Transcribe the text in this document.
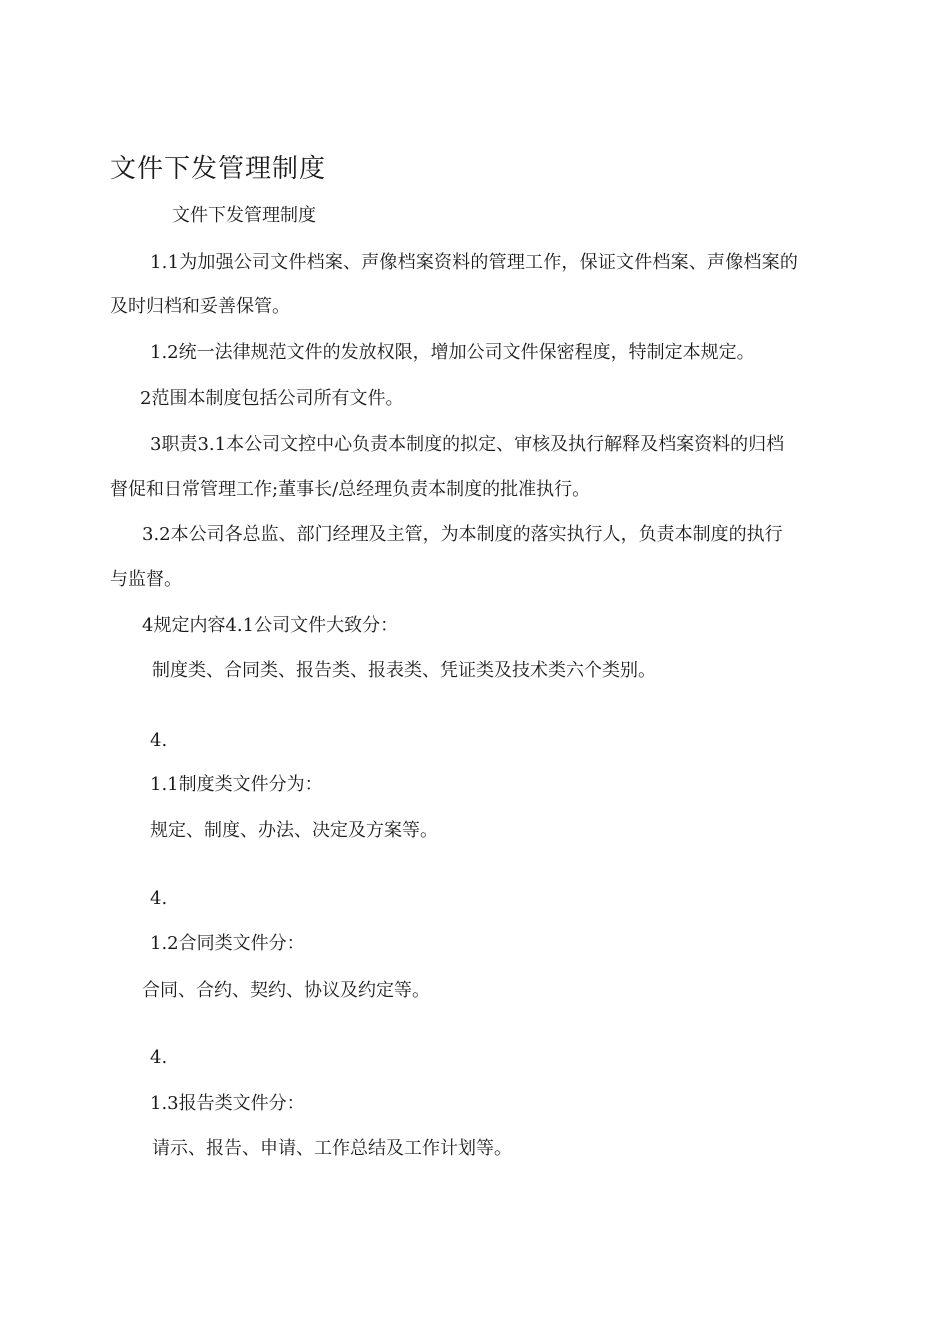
文件下发管理制度

文件下发管理制度

1.1为加强公司文件档案、声像档案资料的管理工作，保证文件档案、声像档案的

及时归档和妥善保管。

1.2统一法律规范文件的发放权限，增加公司文件保密程度，特制定本规定。

2范围本制度包括公司所有文件。

3职责3.1本公司文控中心负责本制度的拟定、审核及执行解释及档案资料的归档

督促和日常管理工作;董事长/总经理负责本制度的批准执行。

3.2本公司各总监、部门经理及主管，为本制度的落实执行人，负责本制度的执行

与监督。

4规定内容4.1公司文件大致分：

制度类、合同类、报告类、报表类、凭证类及技术类六个类别。

4.

1.1制度类文件分为：

规定、制度、办法、决定及方案等。

4.

1.2合同类文件分：

合同、合约、契约、协议及约定等。

4.

1.3报告类文件分：

请示、报告、申请、工作总结及工作计划等。
